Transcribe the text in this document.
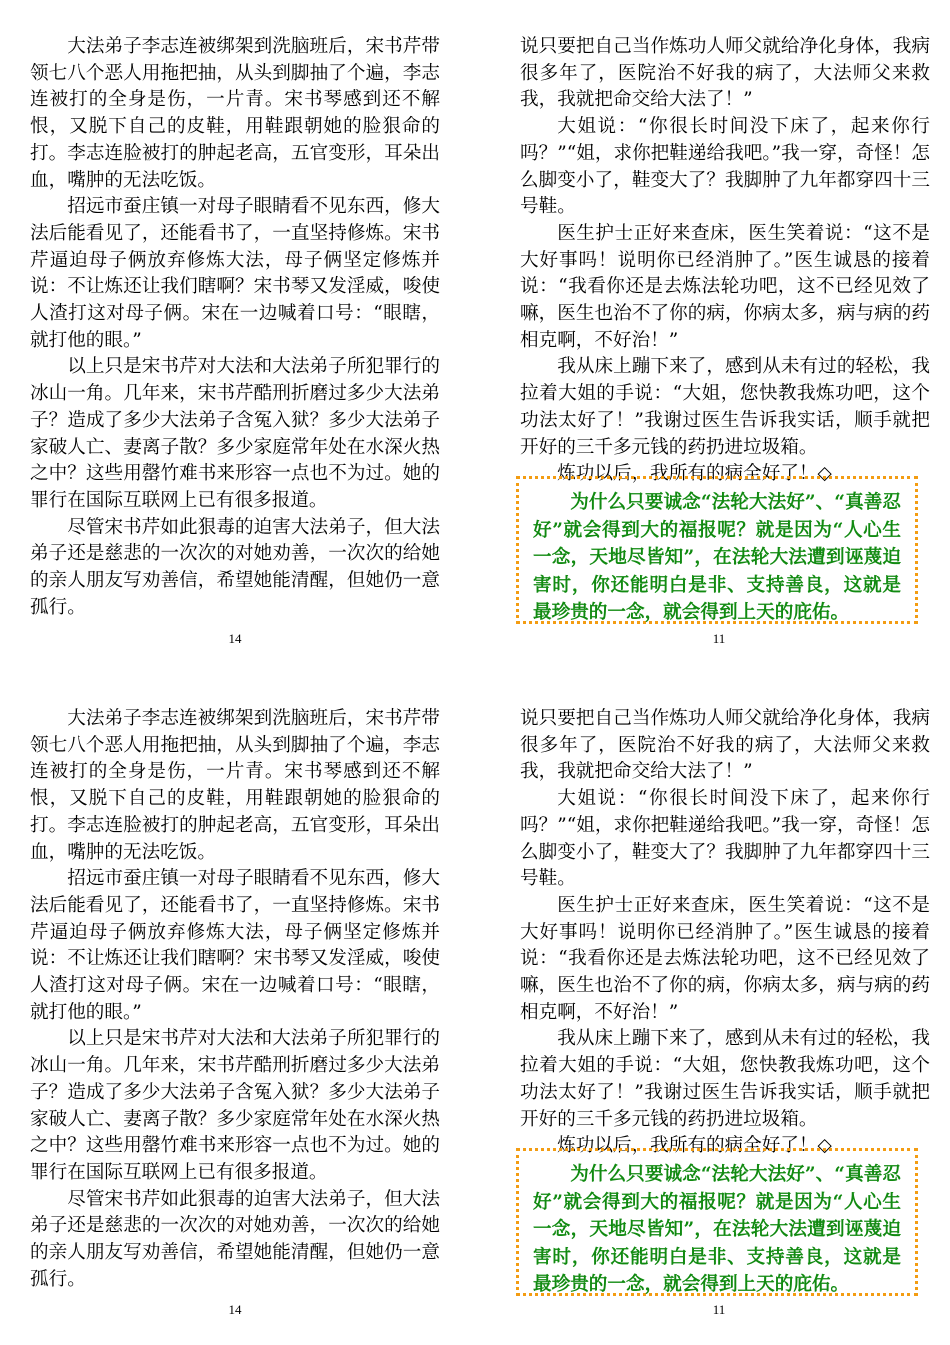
大法弟子李志连被绑架到洗脑班后，宋书芹带领七八个恶人用拖把抽，从头到脚抽了个遍，李志连被打的全身是伤，一片青。宋书琴感到还不解恨，又脱下自己的皮鞋，用鞋跟朝她的脸狠命的打。李志连脸被打的肿起老高，五官变形，耳朵出血，嘴肿的无法吃饭。

招远市蚕庄镇一对母子眼睛看不见东西，修大法后能看见了，还能看书了，一直坚持修炼。宋书芹逼迫母子俩放弃修炼大法，母子俩坚定修炼并说：不让炼还让我们瞎啊？宋书琴又发淫威，唆使人渣打这对母子俩。宋在一边喊着口号：“眼瞎，就打他的眼。”

以上只是宋书芹对大法和大法弟子所犯罪行的冰山一角。几年来，宋书芹酷刑折磨过多少大法弟子？造成了多少大法弟子含冤入狱？多少大法弟子家破人亡、妻离子散？多少家庭常年处在水深火热之中？这些用罄竹难书来形容一点也不为过。她的罪行在国际互联网上已有很多报道。

尽管宋书芹如此狠毒的迫害大法弟子，但大法弟子还是慈悲的一次次的对她劝善，一次次的给她的亲人朋友写劝善信，希望她能清醒，但她仍一意孤行。

14

说只要把自己当作炼功人师父就给净化身体，我病很多年了，医院治不好我的病了，大法师父来救我，我就把命交给大法了！”

大姐说：“你很长时间没下床了，起来你行吗？”“姐，求你把鞋递给我吧。”我一穿，奇怪！怎么脚变小了，鞋变大了？我脚肿了九年都穿四十三号鞋。

医生护士正好来查床，医生笑着说：“这不是大好事吗！说明你已经消肿了。”医生诚恳的接着说：“我看你还是去炼法轮功吧，这不已经见效了嘛，医生也治不了你的病，你病太多，病与病的药相克啊，不好治！”

我从床上蹦下来了，感到从未有过的轻松，我拉着大姐的手说：“大姐，您快教我炼功吧，这个功法太好了！”我谢过医生告诉我实话，顺手就把开好的三千多元钱的药扔进垃圾箱。

炼功以后，我所有的病全好了！◇

为什么只要诚念“法轮大法好”、“真善忍好”就会得到大的福报呢？就是因为“人心生一念，天地尽皆知”，在法轮大法遭到诬蔑迫害时，你还能明白是非、支持善良，这就是最珍贵的一念，就会得到上天的庇佑。

11

大法弟子李志连被绑架到洗脑班后，宋书芹带领七八个恶人用拖把抽，从头到脚抽了个遍，李志连被打的全身是伤，一片青。宋书琴感到还不解恨，又脱下自己的皮鞋，用鞋跟朝她的脸狠命的打。李志连脸被打的肿起老高，五官变形，耳朵出血，嘴肿的无法吃饭。

招远市蚕庄镇一对母子眼睛看不见东西，修大法后能看见了，还能看书了，一直坚持修炼。宋书芹逼迫母子俩放弃修炼大法，母子俩坚定修炼并说：不让炼还让我们瞎啊？宋书琴又发淫威，唆使人渣打这对母子俩。宋在一边喊着口号：“眼瞎，就打他的眼。”

以上只是宋书芹对大法和大法弟子所犯罪行的冰山一角。几年来，宋书芹酷刑折磨过多少大法弟子？造成了多少大法弟子含冤入狱？多少大法弟子家破人亡、妻离子散？多少家庭常年处在水深火热之中？这些用罄竹难书来形容一点也不为过。她的罪行在国际互联网上已有很多报道。

尽管宋书芹如此狠毒的迫害大法弟子，但大法弟子还是慈悲的一次次的对她劝善，一次次的给她的亲人朋友写劝善信，希望她能清醒，但她仍一意孤行。

14

说只要把自己当作炼功人师父就给净化身体，我病很多年了，医院治不好我的病了，大法师父来救我，我就把命交给大法了！”

大姐说：“你很长时间没下床了，起来你行吗？”“姐，求你把鞋递给我吧。”我一穿，奇怪！怎么脚变小了，鞋变大了？我脚肿了九年都穿四十三号鞋。

医生护士正好来查床，医生笑着说：“这不是大好事吗！说明你已经消肿了。”医生诚恳的接着说：“我看你还是去炼法轮功吧，这不已经见效了嘛，医生也治不了你的病，你病太多，病与病的药相克啊，不好治！”

我从床上蹦下来了，感到从未有过的轻松，我拉着大姐的手说：“大姐，您快教我炼功吧，这个功法太好了！”我谢过医生告诉我实话，顺手就把开好的三千多元钱的药扔进垃圾箱。

炼功以后，我所有的病全好了！◇

为什么只要诚念“法轮大法好”、“真善忍好”就会得到大的福报呢？就是因为“人心生一念，天地尽皆知”，在法轮大法遭到诬蔑迫害时，你还能明白是非、支持善良，这就是最珍贵的一念，就会得到上天的庇佑。

11
